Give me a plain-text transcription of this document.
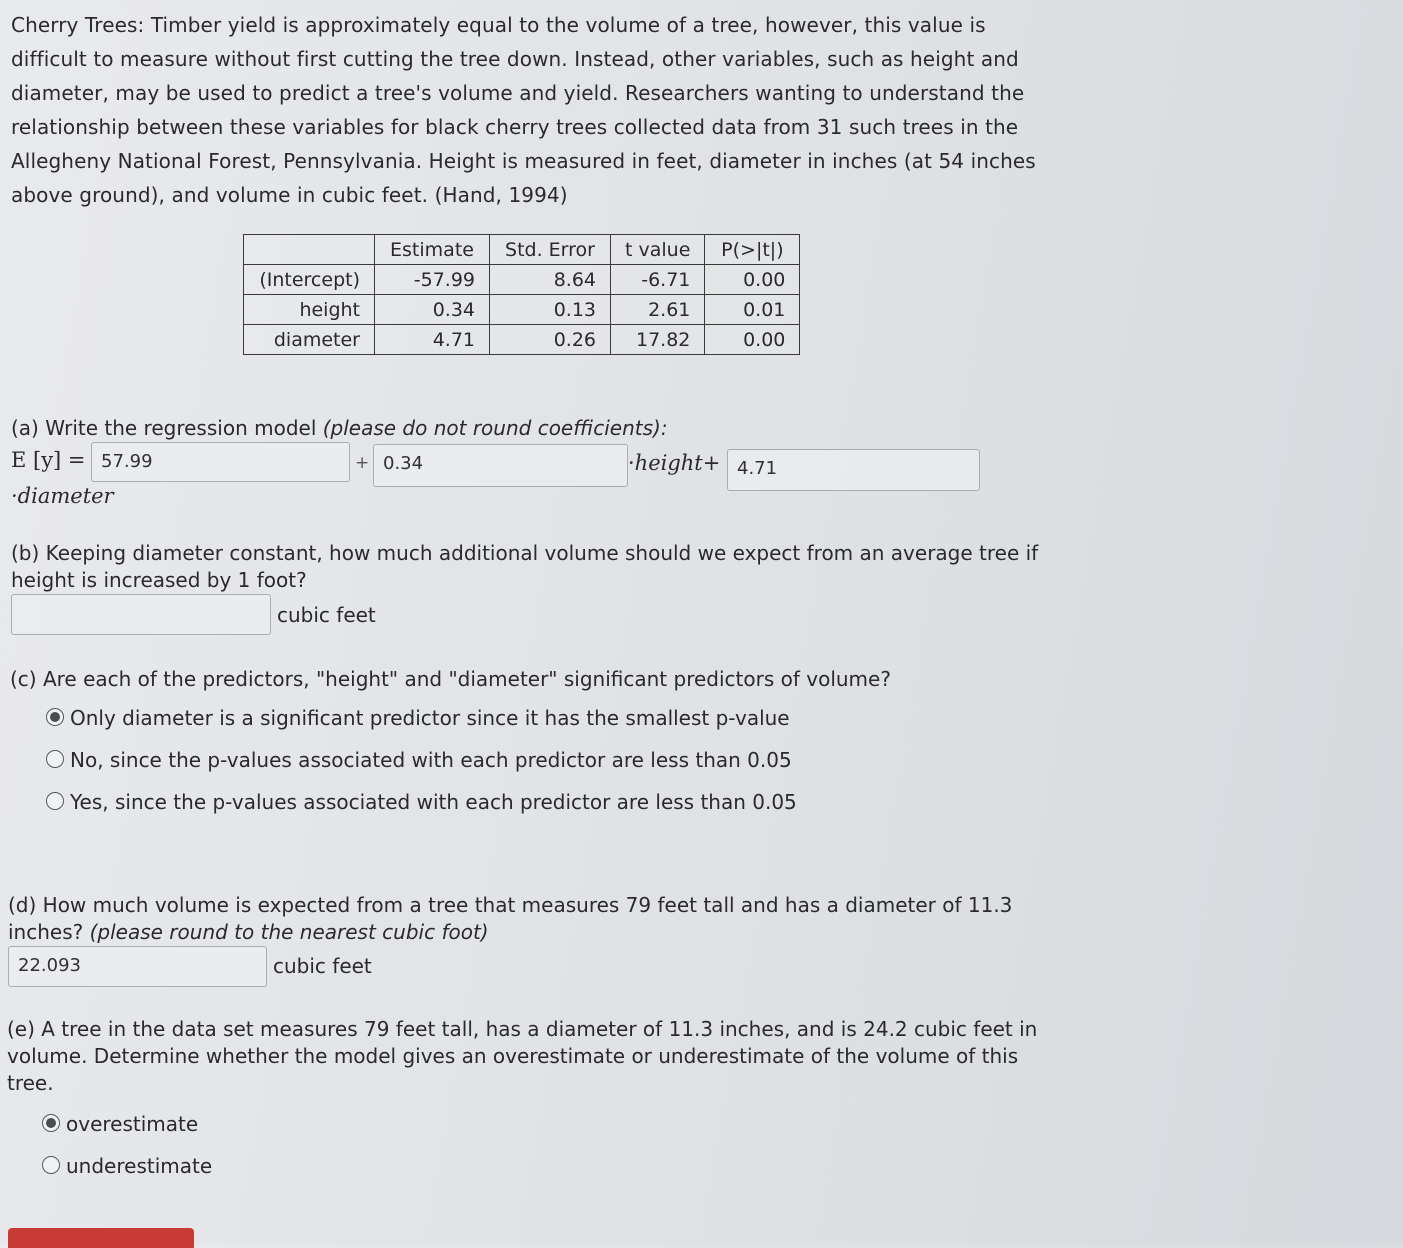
Cherry Trees: Timber yield is approximately equal to the volume of a tree, however, this value is
difficult to measure without first cutting the tree down. Instead, other variables, such as height and
diameter, may be used to predict a tree's volume and yield. Researchers wanting to understand the
relationship between these variables for black cherry trees collected data from 31 such trees in the
Allegheny National Forest, Pennsylvania. Height is measured in feet, diameter in inches (at 54 inches
above ground), and volume in cubic feet. (Hand, 1994)
	Estimate	Std. Error	t value	P(>|t|)
(Intercept)	-57.99	8.64	-6.71	0.00
height	0.34	0.13	2.61	0.01
diameter	4.71	0.26	17.82	0.00
(a) Write the regression model (please do not round coefficients):
E [y] = 57.99	+ 0.34	·height+ 4.71
·diameter
(b) Keeping diameter constant, how much additional volume should we expect from an average tree if
height is increased by 1 foot?
cubic feet
(c) Are each of the predictors, "height" and "diameter" significant predictors of volume?
Only diameter is a significant predictor since it has the smallest p-value
No, since the p-values associated with each predictor are less than 0.05
Yes, since the p-values associated with each predictor are less than 0.05
(d) How much volume is expected from a tree that measures 79 feet tall and has a diameter of 11.3
inches? (please round to the nearest cubic foot)
22.093	cubic feet
(e) A tree in the data set measures 79 feet tall, has a diameter of 11.3 inches, and is 24.2 cubic feet in
volume. Determine whether the model gives an overestimate or underestimate of the volume of this
tree.
overestimate
underestimate
